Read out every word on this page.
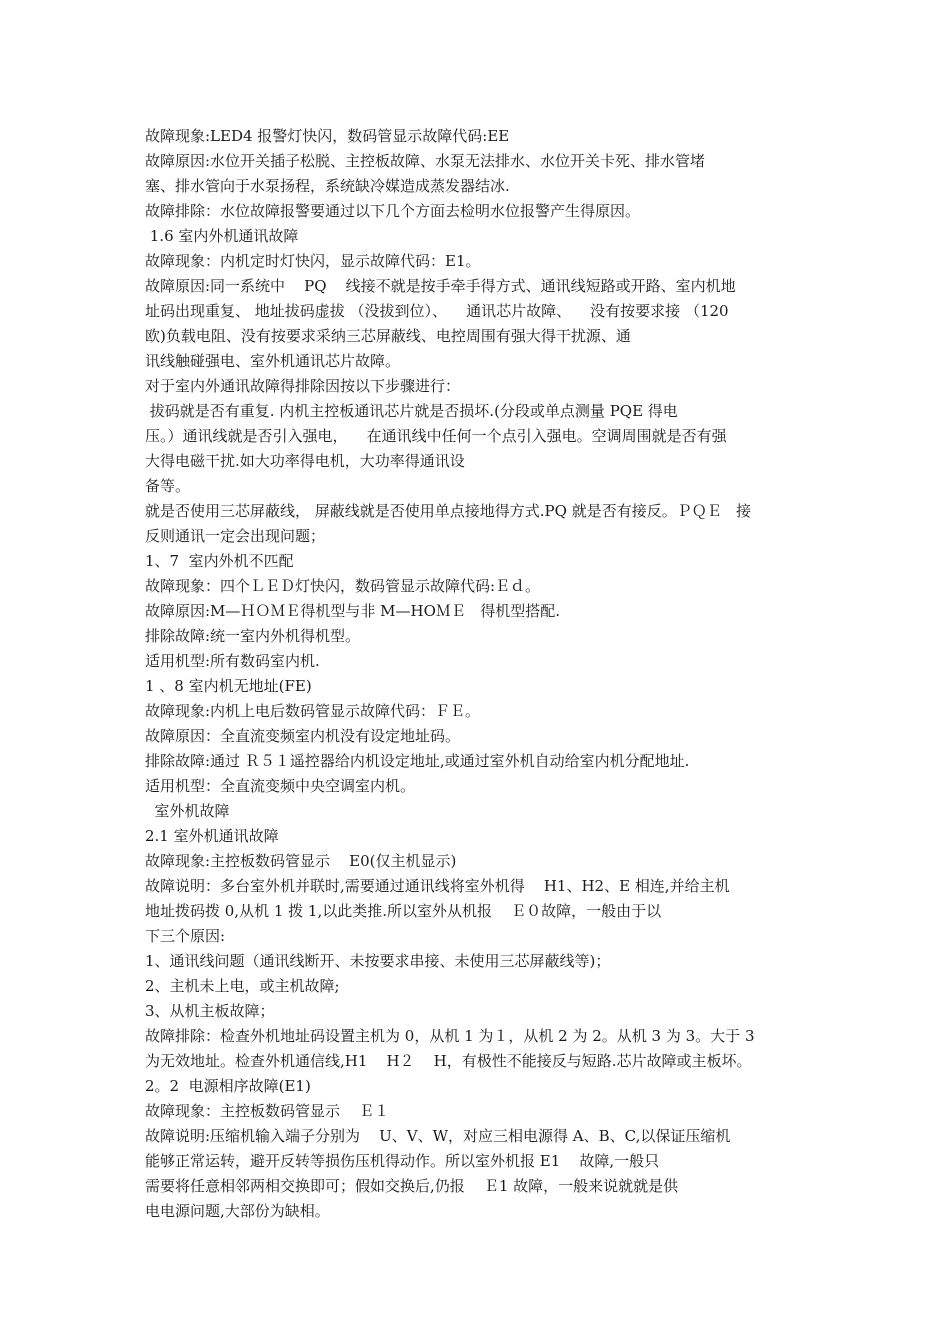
故障现象:LED4 报警灯快闪，数码管显示故障代码:EE
故障原因:水位开关插子松脱、主控板故障、水泵无法排水、水位开关卡死、排水管堵
塞、排水管向于水泵扬程，系统缺冷媒造成蒸发器结冰.
故障排除：水位故障报警要通过以下几个方面去检明水位报警产生得原因。
1.6 室内外机通讯故障
故障现象：内机定时灯快闪，显示故障代码：E1。
故障原因:同一系统中    PQ    线接不就是按手牵手得方式、通讯线短路或开路、室内机地
址码出现重复、 地址拔码虚拔 （没拔到位）、    通讯芯片故障、    没有按要求接 （120
欧)负载电阻、没有按要求采纳三芯屏蔽线、电控周围有强大得干扰源、通
讯线触碰强电、室外机通讯芯片故障。
对于室内外通讯故障得排除因按以下步骤进行：
拔码就是否有重复. 内机主控板通讯芯片就是否损坏.(分段或单点测量 PQE 得电
压。）通讯线就是否引入强电，    在通讯线中任何一个点引入强电。空调周围就是否有强
大得电磁干扰.如大功率得电机，大功率得通讯设
备等。
就是否使用三芯屏蔽线， 屏蔽线就是否使用单点接地得方式.PQ 就是否有接反。ＰＱＥ   接
反则通讯一定会出现问题；
1、7  室内外机不匹配
故障现象：四个ＬＥＤ灯快闪，数码管显示故障代码:Ｅｄ。
故障原因:M—ＨＯＭＥ得机型与非 M—HOＭＥ   得机型搭配.
排除故障:统一室内外机得机型。
适用机型:所有数码室内机.
1 、8 室内机无地址(FE)
故障现象:内机上电后数码管显示故障代码：ＦＥ。
故障原因：全直流变频室内机没有设定地址码。
排除故障:通过 Ｒ５１遥控器给内机设定地址,或通过室外机自动给室内机分配地址.
适用机型：全直流变频中央空调室内机。
室外机故障
2.1 室外机通讯故障
故障现象:主控板数码管显示    E0(仅主机显示)
故障说明：多台室外机并联时,需要通过通讯线将室外机得    H1、H2、E 相连,并给主机
地址拨码拨 0,从机 1 拨 1,以此类推.所以室外从机报    Ｅ０故障，一般由于以
下三个原因:
1、通讯线问题（通讯线断开、未按要求串接、未使用三芯屏蔽线等)；
2、主机未上电，或主机故障;
3、从机主板故障；
故障排除：检查外机地址码设置主机为 0，从机 1 为１，从机 2 为 2。从机 3 为 3。大于 3
为无效地址。检查外机通信线,H1    H２    H，有极性不能接反与短路.芯片故障或主板坏。
2。2  电源相序故障(E1)
故障现象：主控板数码管显示    Ｅ１
故障说明:压缩机输入端子分别为    U、V、W，对应三相电源得 A、B、C,以保证压缩机
能够正常运转，避开反转等损伤压机得动作。所以室外机报 E1    故障,一般只
需要将任意相邻两相交换即可；假如交换后,仍报    Ｅ1 故障，一般来说就就是供
电电源问题,大部份为缺相。
